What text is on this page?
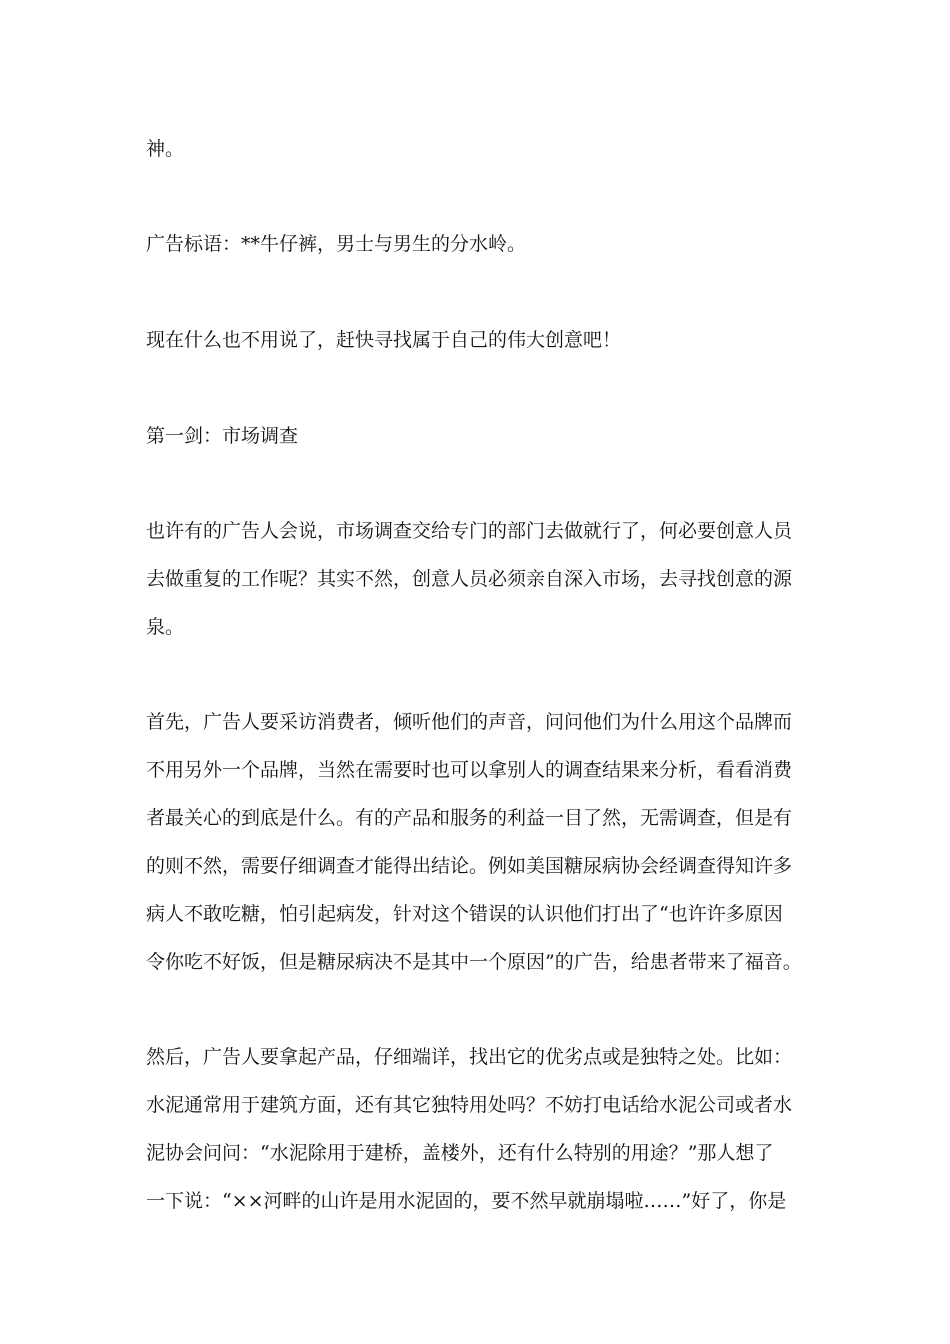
神。

广告标语：**牛仔裤，男士与男生的分水岭。

现在什么也不用说了，赶快寻找属于自己的伟大创意吧！

第一剑：市场调查

也许有的广告人会说，市场调查交给专门的部门去做就行了，何必要创意人员

去做重复的工作呢？其实不然，创意人员必须亲自深入市场，去寻找创意的源

泉。

首先，广告人要采访消费者，倾听他们的声音，问问他们为什么用这个品牌而

不用另外一个品牌，当然在需要时也可以拿别人的调查结果来分析，看看消费

者最关心的到底是什么。有的产品和服务的利益一目了然，无需调查，但是有

的则不然，需要仔细调查才能得出结论。例如美国糖尿病协会经调查得知许多

病人不敢吃糖，怕引起病发，针对这个错误的认识他们打出了“也许许多原因

令你吃不好饭，但是糖尿病决不是其中一个原因”的广告，给患者带来了福音。

然后，广告人要拿起产品，仔细端详，找出它的优劣点或是独特之处。比如：

水泥通常用于建筑方面，还有其它独特用处吗？不妨打电话给水泥公司或者水

泥协会问问：“水泥除用于建桥，盖楼外，还有什么特别的用途？”那人想了

一下说：“××河畔的山许是用水泥固的，要不然早就崩塌啦……”好了，你是
